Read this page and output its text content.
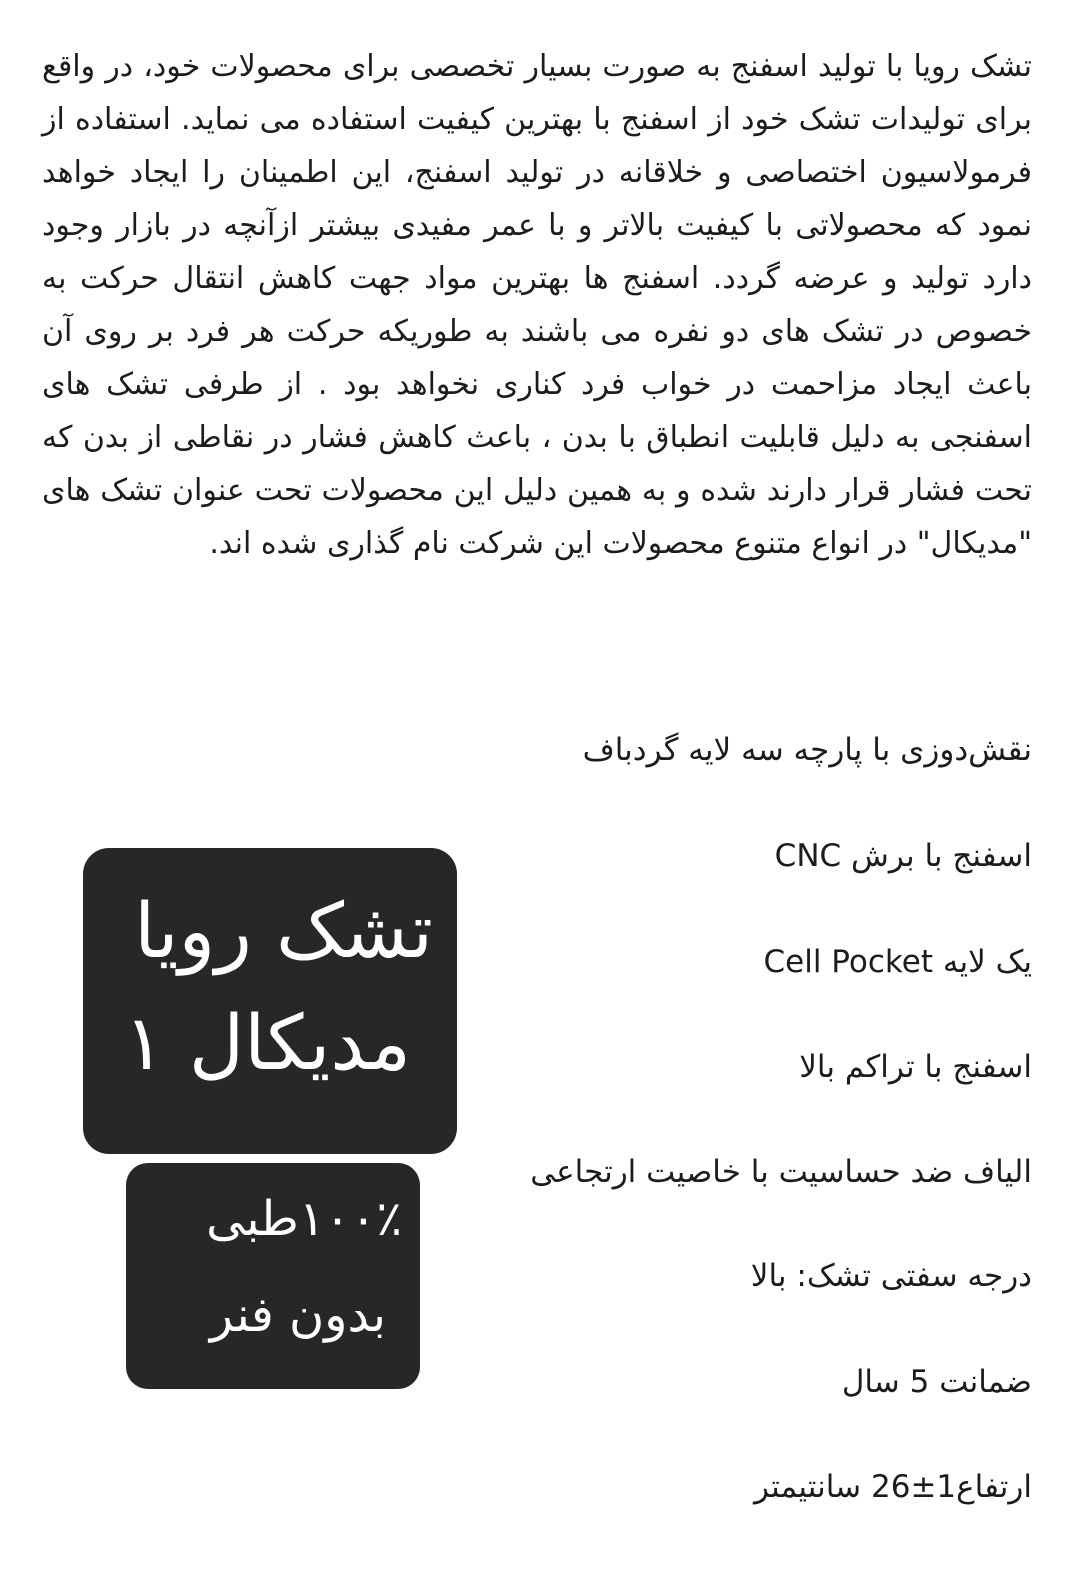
تشک رویا با تولید اسفنج به صورت بسیار تخصصی برای محصولات خود، در واقع برای تولیدات تشک خود از اسفنج با بهترین کیفیت استفاده می نماید. استفاده از فرمولاسیون اختصاصی و خلاقانه در تولید اسفنج، این اطمینان را ایجاد خواهد نمود که محصولاتی با کیفیت بالاتر و با عمر مفیدی بیشتر ازآنچه در بازار وجود دارد تولید و عرضه گردد. اسفنج ها بهترین مواد جهت کاهش انتقال حرکت به خصوص در تشک های دو نفره می باشند به طوریکه حرکت هر فرد بر روی آن باعث ایجاد مزاحمت در خواب فرد کناری نخواهد بود . از طرفی تشک های اسفنجی به دلیل قابلیت انطباق با بدن ، باعث کاهش فشار در نقاطی از بدن که تحت فشار قرار دارند شده و به همین دلیل این محصولات تحت عنوان تشک های "مدیکال" در انواع متنوع محصولات این شرکت نام گذاری شده اند.

نقش‌دوزی با پارچه سه لایه گردباف
اسفنج با برش CNC
یک لایه Cell Pocket
اسفنج با تراکم بالا
الیاف ضد حساسیت با خاصیت ارتجاعی
درجه سفتی تشک: بالا
ضمانت 5 سال
ارتفاع1±26 سانتیمتر
تشک رویا
مدیکال ۱
۱۰۰٪طبی
بدون فنر
